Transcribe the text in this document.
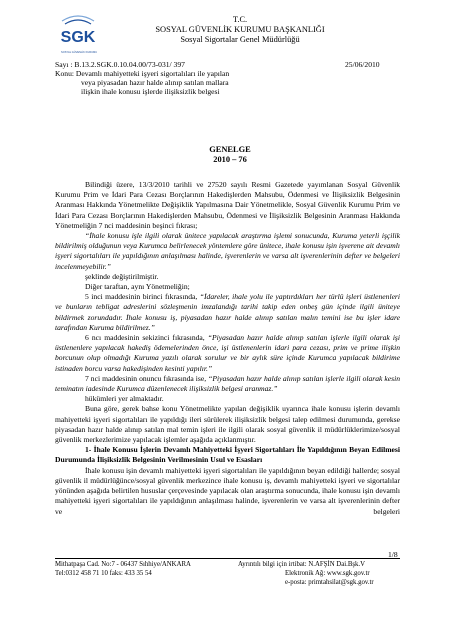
SGK
SOSYAL GÜVENLİK KURUMU
T.C.
SOSYAL GÜVENLİK KURUMU BAŞKANLIĞI
Sosyal Sigortalar Genel Müdürlüğü
Sayı : B.13.2.SGK.0.10.04.00/73-031/ 397	25/06/2010
Konu: Devamlı mahiyetteki işyeri sigortalıları ile yapılan
veya piyasadan hazır halde alınıp satılan mallara
ilişkin ihale konusu işlerde ilişiksizlik belgesi
GENELGE
2010 – 76

Bilindiği üzere, 13/3/2010 tarihli ve 27520 sayılı Resmi Gazetede yayımlanan Sosyal Güvenlik Kurumu Prim ve İdari Para Cezası Borçlarının Hakedişlerden Mahsubu, Ödenmesi ve İlişiksizlik Belgesinin Aranması Hakkında Yönetmelikte Değişiklik Yapılmasına Dair Yönetmelikle, Sosyal Güvenlik Kurumu Prim ve İdari Para Cezası Borçlarının Hakedişlerden Mahsubu, Ödenmesi ve İlişiksizlik Belgesinin Aranması Hakkında Yönetmeliğin 7 nci maddesinin beşinci fıkrası;

“İhale konusu işle ilgili olarak ünitece yapılacak araştırma işlemi sonucunda, Kuruma yeterli işçilik bildirilmiş olduğunun veya Kurumca belirlenecek yöntemlere göre ünitece, ihale konusu işin işverene ait devamlı işyeri sigortalıları ile yapıldığının anlaşılması halinde, işverenlerin ve varsa alt işverenlerinin defter ve belgeleri incelenmeyebilir.”

şeklinde değiştirilmiştir.

Diğer taraftan, aynı Yönetmeliğin;

5 inci maddesinin birinci fıkrasında, “İdareler, ihale yolu ile yaptırdıkları her türlü işleri üstlenenleri ve bunların tebligat adreslerini sözleşmenin imzalandığı tarihi takip eden onbeş gün içinde ilgili üniteye bildirmek zorundadır. İhale konusu iş, piyasadan hazır halde alınıp satılan malın temini ise bu işler idare tarafından Kuruma bildirilmez.”

6 ncı maddesinin sekizinci fıkrasında, “Piyasadan hazır halde alınıp satılan işlerle ilgili olarak işi üstlenenlere yapılacak hakediş ödemelerinden önce, işi üstlenenlerin idari para cezası, prim ve prime ilişkin borcunun olup olmadığı Kuruma yazılı olarak sorulur ve bir aylık süre içinde Kurumca yapılacak bildirime istinaden borcu varsa hakedişinden kesinti yapılır.”

7 nci maddesinin onuncu fıkrasında ise, “Piyasadan hazır halde alınıp satılan işlerle ilgili olarak kesin teminatın iadesinde Kurumca düzenlenecek ilişiksizlik belgesi aranmaz.”

hükümleri yer almaktadır.

Buna göre, gerek bahse konu Yönetmelikte yapılan değişiklik uyarınca ihale konusu işlerin devamlı mahiyetteki işyeri sigortalıları ile yapıldığı ileri sürülerek ilişiksizlik belgesi talep edilmesi durumunda, gerekse piyasadan hazır halde alınıp satılan mal temin işleri ile ilgili olarak sosyal güvenlik il müdürlüklerimize/sosyal güvenlik merkezlerimize yapılacak işlemler aşağıda açıklanmıştır.

1- İhale Konusu İşlerin Devamlı Mahiyetteki İşyeri Sigortalıları İle Yapıldığının Beyan Edilmesi Durumunda İlişiksizlik Belgesinin Verilmesinin Usul ve Esasları

İhale konusu işin devamlı mahiyetteki işyeri sigortalıları ile yapıldığının beyan edildiği hallerde; sosyal güvenlik il müdürlüğünce/sosyal güvenlik merkezince ihale konusu iş, devamlı mahiyetteki işyeri ve sigortalılar yönünden aşağıda belirtilen hususlar çerçevesinde yapılacak olan araştırma sonucunda, ihale konusu işin devamlı mahiyetteki işyeri sigortalıları ile yapıldığının anlaşılması halinde, işverenlerin ve varsa alt işverenlerinin defter ve belgeleri

1/8
Mithatpaşa Cad. No:7 - 06437 Sıhhiye/ANKARA
Tel:0312 458 71 10 faks: 433 35 54
Ayrıntılı bilgi için irtibat: N.AFŞİN Dai.Bşk.V
Elektronik Ağ: www.sgk.gov.tr
e-posta: primtahsilat@sgk.gov.tr
